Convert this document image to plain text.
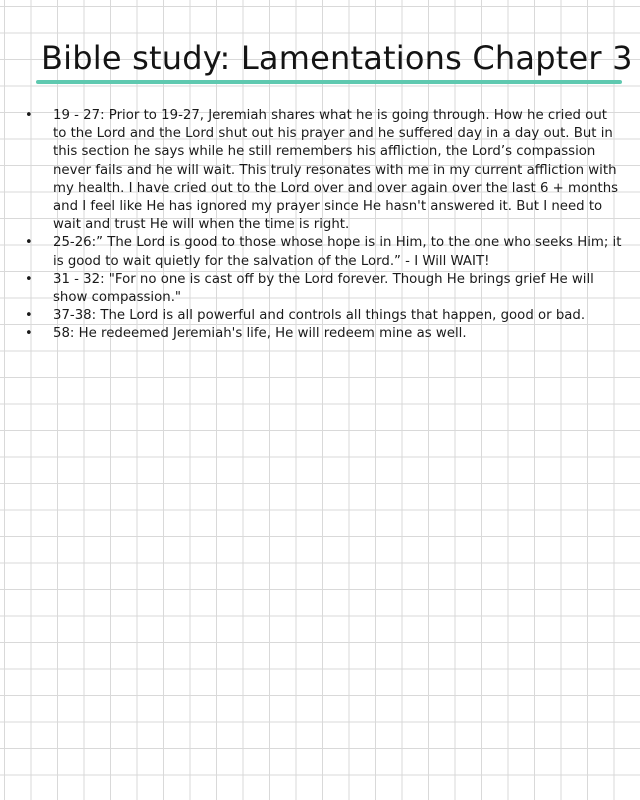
Bible study: Lamentations Chapter 3
• 19 - 27: Prior to 19-27, Jeremiah shares what he is going through. How he cried out to the Lord and the Lord shut out his prayer and he suffered day in a day out. But in this section he says while he still remembers his affliction, the Lord’s compassion never fails and he will wait. This truly resonates with me in my current affliction with my health. I have cried out to the Lord over and over again over the last 6 + months and I feel like He has ignored my prayer since He hasn't answered it. But I need to wait and trust He will when the time is right.
• 25-26:” The Lord is good to those whose hope is in Him, to the one who seeks Him; it is good to wait quietly for the salvation of the Lord.” - I Will WAIT!
• 31 - 32: "For no one is cast off by the Lord forever. Though He brings grief He will show compassion."
• 37-38: The Lord is all powerful and controls all things that happen, good or bad.
• 58: He redeemed Jeremiah's life, He will redeem mine as well.
